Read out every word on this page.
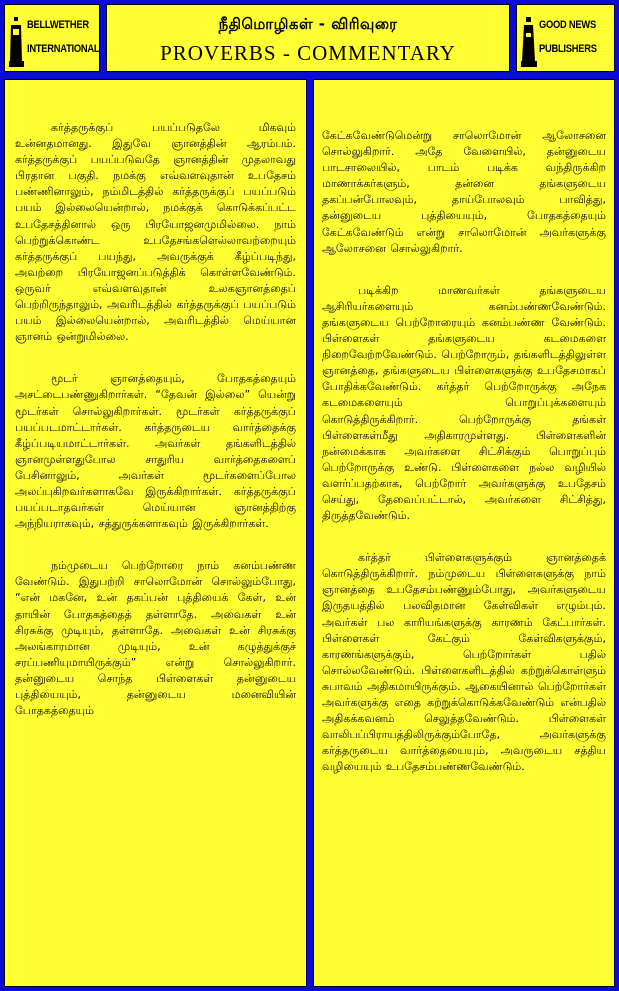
BELLWETHER
INTERNATIONAL
நீதிமொழிகள் - விரிவுரை
PROVERBS - COMMENTARY
GOOD NEWS
PUBLISHERS

கர்த்தருக்குப் பயப்படுதலே மிகவும் உன்னதமானது. இதுவே ஞானத்தின் ஆரம்பம். கர்த்தருக்குப் பயப்படுவதே ஞானத்தின் முதலாவது பிரதான பகுதி. நமக்கு எவ்வளவுதான் உபதேசம் பண்ணினாலும், நம்மிடத்தில் கர்த்தருக்குப் பயப்படும் பயம் இல்லையென்றால், நமக்குக் கொடுக்கப்பட்ட உபதேசத்தினால் ஒரு பிரயோஜனமுமில்லை. நாம் பெற்றுக்கொண்ட உபதேசங்களெல்லாவற்றையும் கர்த்தருக்குப் பயந்து, அவருக்குக் கீழ்ப்படிந்து, அவற்றை பிரயோஜனப்படுத்திக் கொள்ளவேண்டும். ஒருவர் எவ்வளவுதான் உலகஞானத்தைப் பெற்றிருந்தாலும், அவரிடத்தில் கர்த்தருக்குப் பயப்படும் பயம் இல்லையென்றால், அவரிடத்தில் மெய்யான ஞானம் ஒன்றுமில்லை.

மூடர் ஞானத்தையும், போதகத்தையும் அசட்டைபண்ணுகிறார்கள். “தேவன் இல்லை” யென்று மூடர்கள் சொல்லுகிறார்கள். மூடர்கள் கர்த்தருக்குப் பயப்படமாட்டார்கள். கர்த்தருடைய வார்த்தைக்கு கீழ்ப்படியமாட்டார்கள். அவர்கள் தங்களிடத்தில் ஞானமுள்ளதுபோல சாதுரிய வார்த்தைகளைப் பேசினாலும், அவர்கள் மூடர்களைப்போல அலப்புகிறவர்களாகவே இருக்கிறார்கள். கர்த்தருக்குப் பயப்படாதவர்கள் மெய்யான ஞானத்திற்கு அந்நியராகவும், சத்துருக்களாகவும் இருக்கிறார்கள்.

நம்முடைய பெற்றோரை நாம் கனம்பண்ண வேண்டும். இதுபற்றி சாலொமோன் சொல்லும்போது, “என் மகனே, உன் தகப்பன் புத்தியைக் கேள், உன் தாயின் போதகத்தைத் தள்ளாதே. அவைகள் உன் சிரசுக்கு முடியும், தள்ளாதே. அவைகள் உன் சிரசுக்கு அலங்காரமான முடியும், உன் கழுத்துக்குச் சரப்பணியுமாயிருக்கும்” என்று சொல்லுகிறார். தன்னுடைய சொந்த பிள்ளைகள் தன்னுடைய புத்தியையும், தன்னுடைய மனைவியின் போதகத்தையும்

கேட்கவேண்டுமென்று சாலொமோன் ஆலோசனை சொல்லுகிறார். அதே வேளையில், தன்னுடைய பாடசாலையில், பாடம் படிக்க வந்திருக்கிற மாணாக்கர்களும், தன்னை தங்களுடைய தகப்பன்போலவும், தாய்போலவும் பாவித்து, தன்னுடைய புத்தியையும், போதகத்தையும் கேட்கவேண்டும் என்று சாலொமோன் அவர்களுக்கு ஆலோசனை சொல்லுகிறார்.

படிக்கிற மாணவர்கள் தங்களுடைய ஆசிரியர்களையும் கனம்பண்ணவேண்டும். தங்களுடைய பெற்றோரையும் கனம்பண்ண வேண்டும். பிள்ளைகள் தங்களுடைய கடமைகளை நிறைவேற்றவேண்டும். பெற்றோரும், தங்களிடத்திலுள்ள ஞானத்தை, தங்களுடைய பிள்ளைகளுக்கு உபதேசமாகப் போதிக்கவேண்டும். கர்த்தர் பெற்றோருக்கு அநேக கடமைகளையும் பொறுப்புக்களையும் கொடுத்திருக்கிறார். பெற்றோருக்கு தங்கள் பிள்ளைகள்மீது அதிகாரமுள்ளது. பிள்ளைகளின் நன்மைக்காக அவர்களை சிட்சிக்கும் பொறுப்பும் பெற்றோருக்கு உண்டு. பிள்ளைகளை நல்ல வழியில் வளர்ப்பதற்காக, பெற்றோர் அவர்களுக்கு உபதேசம் செய்து, தேவைப்பட்டால், அவர்களை சிட்சித்து, திருத்தவேண்டும்.

கர்த்தர் பிள்ளைகளுக்கும் ஞானத்தைக் கொடுத்திருக்கிறார். நம்முடைய பிள்ளைகளுக்கு நாம் ஞானத்தை உபதேசம்பண்ணும்போது, அவர்களுடைய இருதயத்தில் பலவிதமான கேள்விகள் எழும்பும். அவர்கள் பல காரியங்களுக்கு காரணம் கேட்பார்கள். பிள்ளைகள் கேட்கும் கேள்விகளுக்கும், காரணங்களுக்கும், பெற்றோர்கள் பதில் சொல்லவேண்டும். பிள்ளைகளிடத்தில் கற்றுக்கொள்ளும் சுபாவம் அதிகமாயிருக்கும். ஆகையினால் பெற்றோர்கள் அவர்களுக்கு எதை கற்றுக்கொடுக்கவேண்டும் என்பதில் அதிகக்கவனம் செலுத்தவேண்டும். பிள்ளைகள் வாலிபப்பிராயத்திலிருக்கும்போதே, அவர்களுக்கு கர்த்தருடைய வார்த்தையையும், அவருடைய சத்திய வழியையும் உபதேசம்பண்ணவேண்டும்.
